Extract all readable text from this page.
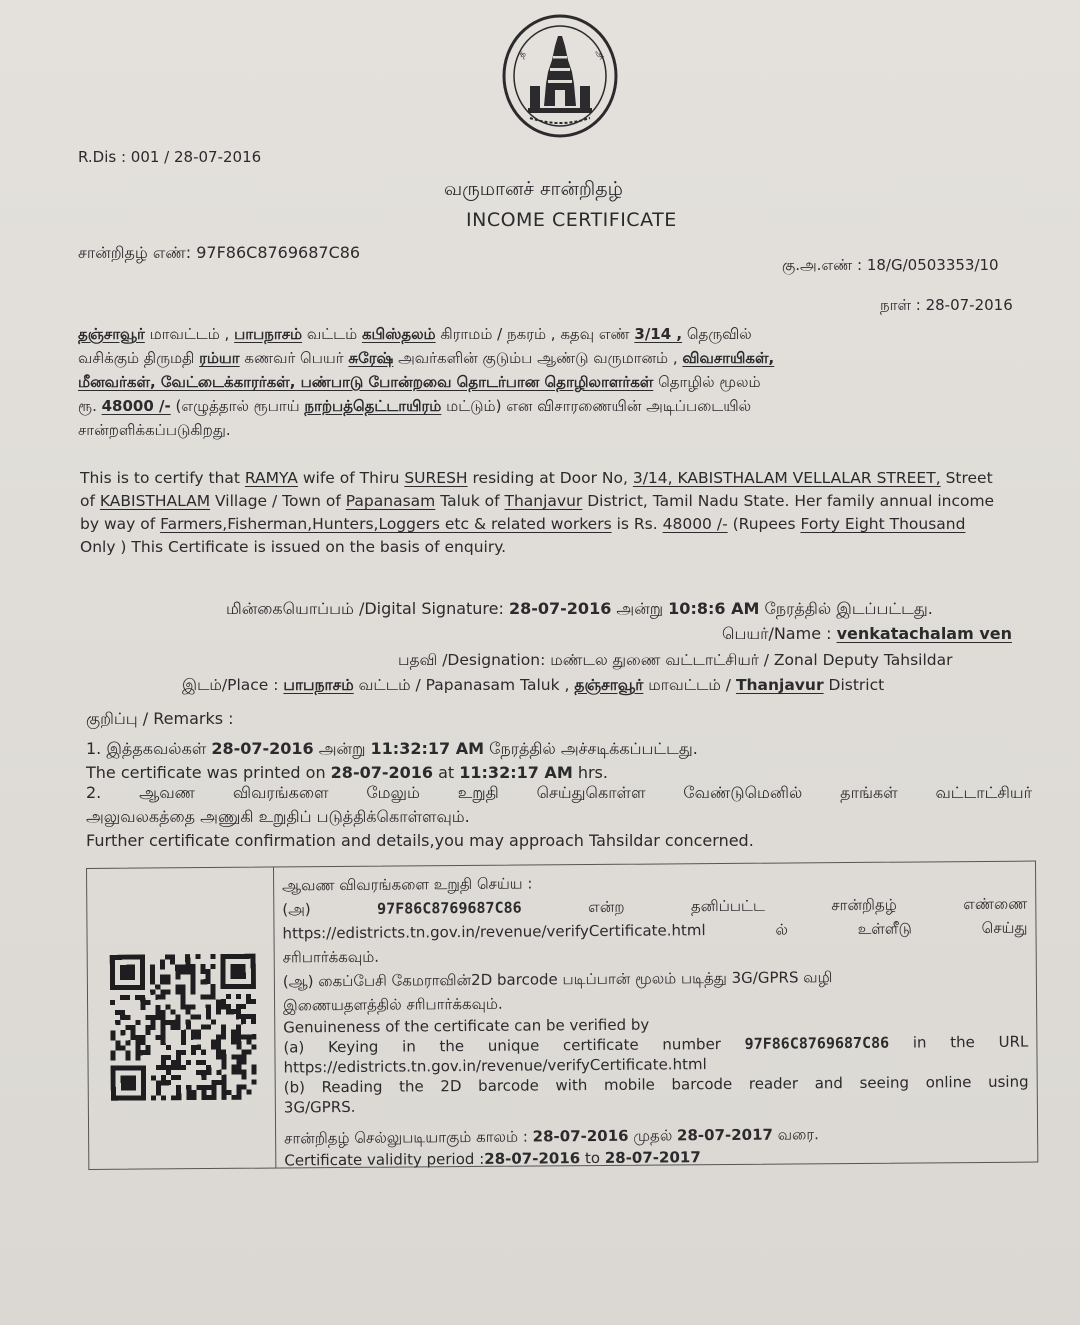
த	அ
R.Dis : 001 / 28-07-2016
வருமானச் சான்றிதழ்
INCOME CERTIFICATE
சான்றிதழ் எண்: 97F86C8769687C86
கு.அ.எண் : 18/G/0503353/10
நாள் : 28-07-2016
தஞ்சாவூர் மாவட்டம் , பாபநாசம் வட்டம் கபிஸ்தலம் கிராமம் / நகரம் , கதவு எண் 3/14 , தெருவில்
வசிக்கும் திருமதி ரம்யா கணவர் பெயர் சுரேஷ் அவர்களின் குடும்ப ஆண்டு வருமானம் , விவசாயிகள்,
மீனவர்கள், வேட்டைக்காரர்கள், பண்பாடு போன்றவை தொடர்பான தொழிலாளர்கள் தொழில் மூலம்
ரூ. 48000 /- (எழுத்தால் ரூபாய் நாற்பத்தெட்டாயிரம் மட்டும்) என விசாரணையின் அடிப்படையில்
சான்றளிக்கப்படுகிறது.
This is to certify that RAMYA wife of Thiru SURESH residing at Door No, 3/14, KABISTHALAM VELLALAR STREET, Street
of KABISTHALAM Village / Town of Papanasam Taluk of Thanjavur District, Tamil Nadu State. Her family annual income
by way of Farmers,Fisherman,Hunters,Loggers etc & related workers is Rs. 48000 /- (Rupees Forty Eight Thousand
Only ) This Certificate is issued on the basis of enquiry.
மின்கையொப்பம் /Digital Signature: 28-07-2016 அன்று 10:8:6 AM நேரத்தில் இடப்பட்டது.
பெயர்/Name : venkatachalam ven
பதவி /Designation: மண்டல துணை வட்டாட்சியர் / Zonal Deputy Tahsildar
இடம்/Place : பாபநாசம் வட்டம் / Papanasam Taluk , தஞ்சாவூர் மாவட்டம் / Thanjavur District
குறிப்பு / Remarks :
1. இத்தகவல்கள் 28-07-2016 அன்று 11:32:17 AM நேரத்தில் அச்சடிக்கப்பட்டது.
The certificate was printed on 28-07-2016 at 11:32:17 AM hrs.
2. ஆவண விவரங்களை மேலும் உறுதி செய்துகொள்ள வேண்டுமெனில் தாங்கள் வட்டாட்சியர்
அலுவலகத்தை அணுகி உறுதிப் படுத்திக்கொள்ளவும்.
Further certificate confirmation and details,you may approach Tahsildar concerned.
ஆவண விவரங்களை உறுதி செய்ய :
(அ)	97F86C8769687C86	என்ற	தனிப்பட்ட	சான்றிதழ்	எண்ணை
https://edistricts.tn.gov.in/revenue/verifyCertificate.html	ல்	உள்ளீடு	செய்து
சரிபார்க்கவும்.
(ஆ) கைப்பேசி கேமராவின்2D barcode படிப்பான் மூலம் படித்து 3G/GPRS வழி
இணையதளத்தில் சரிபார்க்கவும்.
Genuineness of the certificate can be verified by
(a) Keying in the unique certificate number 97F86C8769687C86 in the URL
https://edistricts.tn.gov.in/revenue/verifyCertificate.html
(b) Reading the 2D barcode with mobile barcode reader and seeing online using
3G/GPRS.
சான்றிதழ் செல்லுபடியாகும் காலம் : 28-07-2016 முதல் 28-07-2017 வரை.
Certificate validity period :28-07-2016 to 28-07-2017
